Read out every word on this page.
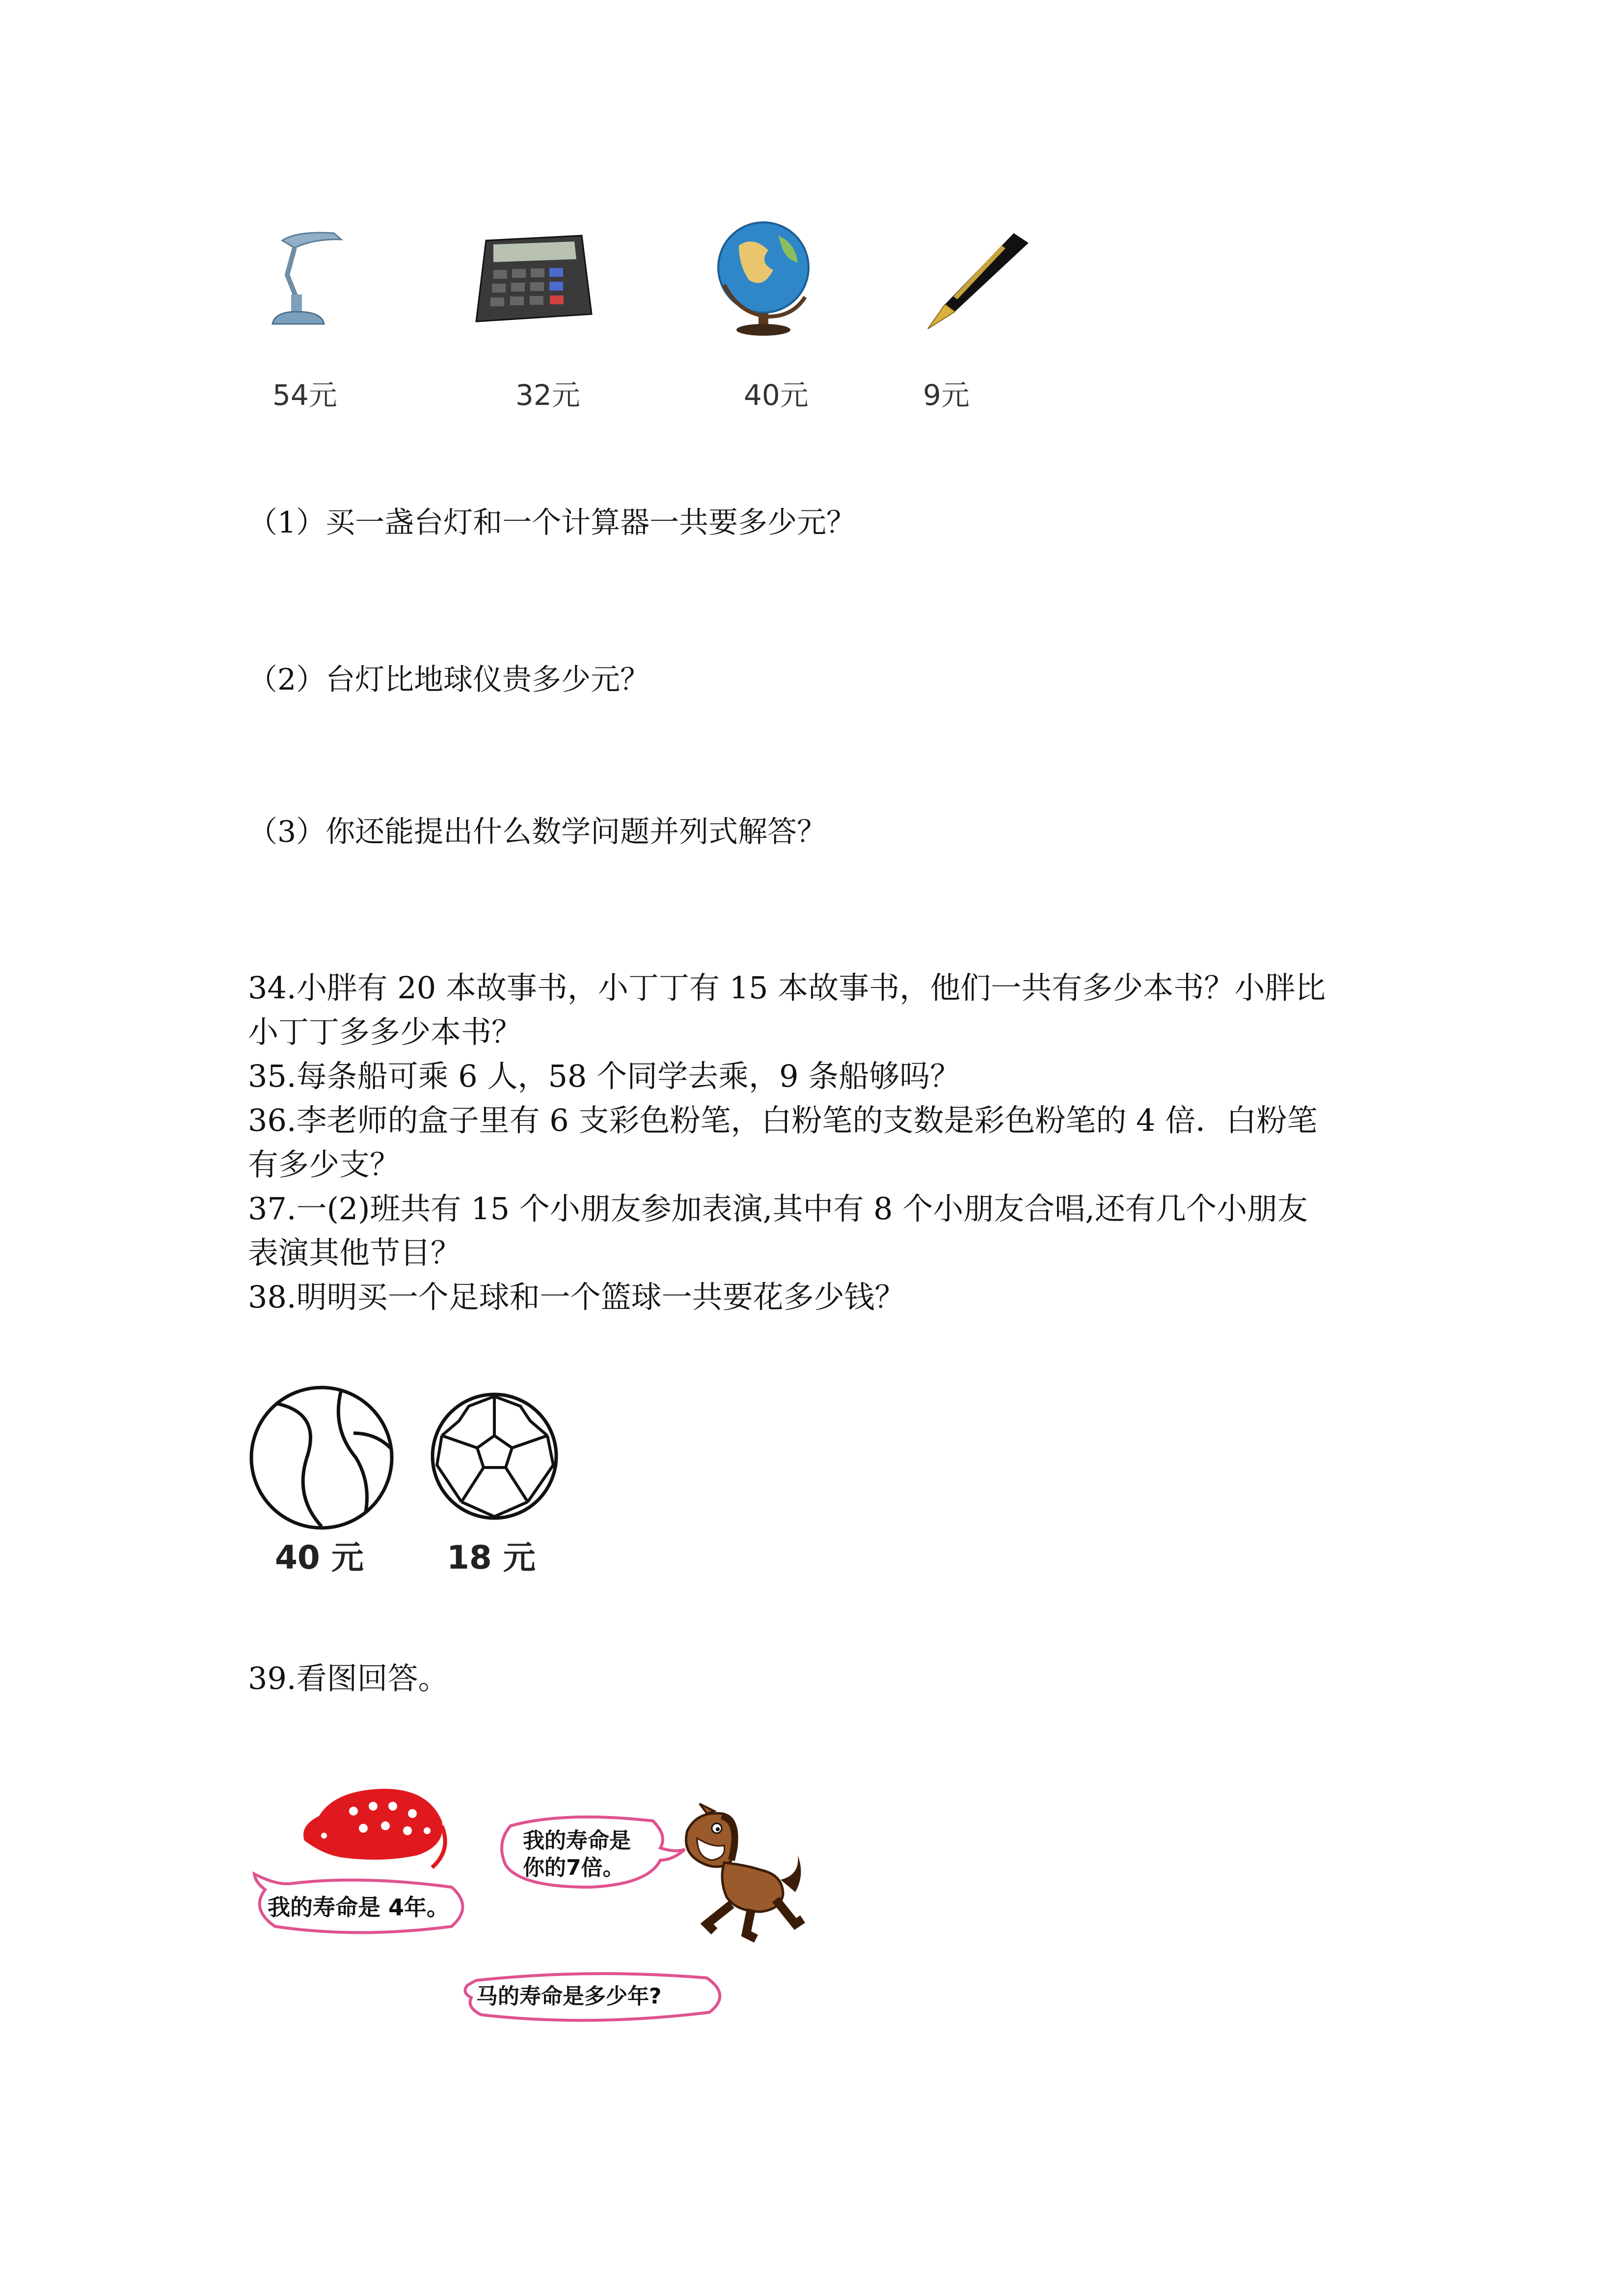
54元	32元	40元	9元
（1）买一盏台灯和一个计算器一共要多少元？
（2）台灯比地球仪贵多少元？
（3）你还能提出什么数学问题并列式解答？
34.小胖有 20 本故事书，小丁丁有 15 本故事书，他们一共有多少本书？小胖比
小丁丁多多少本书？
35.每条船可乘 6 人，58 个同学去乘，9 条船够吗？
36.李老师的盒子里有 6 支彩色粉笔，白粉笔的支数是彩色粉笔的 4 倍．白粉笔
有多少支？
37.一(2)班共有 15 个小朋友参加表演,其中有 8 个小朋友合唱,还有几个小朋友
表演其他节目？
38.明明买一个足球和一个篮球一共要花多少钱？
40 元	18 元
39.看图回答。
我的寿命是 4年。
我的寿命是
你的7倍。
马的寿命是多少年?
